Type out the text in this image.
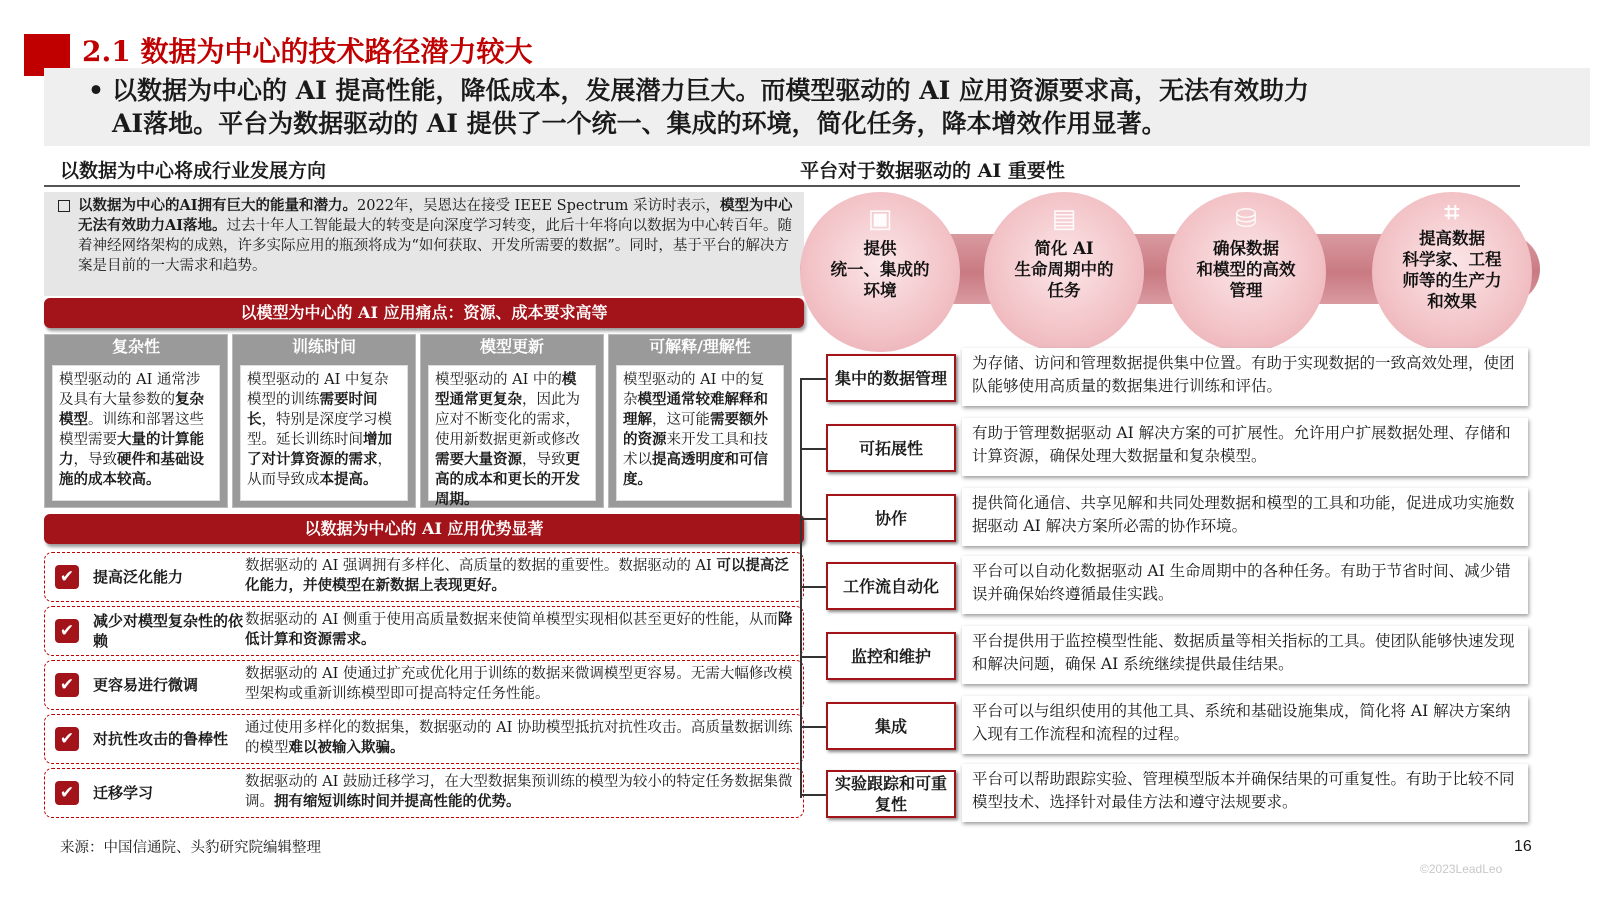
2.1 数据为中心的技术路径潜力较大
• 以数据为中心的 AI 提高性能，降低成本，发展潜力巨大。而模型驱动的 AI 应用资源要求高，无法有效助力

AI落地。平台为数据驱动的 AI 提供了一个统一、集成的环境，简化任务，降本增效作用显著。

以数据为中心将成行业发展方向
以数据为中心的AI拥有巨大的能量和潜力。2022年，吴恩达在接受 IEEE Spectrum 采访时表示，模型为中心无法有效助力AI落地。过去十年人工智能最大的转变是向深度学习转变，此后十年将向以数据为中心转百年。随着神经网络架构的成熟，许多实际应用的瓶颈将成为“如何获取、开发所需要的数据”。同时，基于平台的解决方案是目前的一大需求和趋势。
以模型为中心的 AI 应用痛点：资源、成本要求高等
复杂性
模型驱动的 AI 通常涉及具有大量参数的复杂模型。训练和部署这些模型需要大量的计算能力，导致硬件和基础设施的成本较高。
训练时间
模型驱动的 AI 中复杂模型的训练需要时间长，特别是深度学习模型。延长训练时间增加了对计算资源的需求，从而导致成本提高。
模型更新
模型驱动的 AI 中的模型通常更复杂，因此为应对不断变化的需求，使用新数据更新或修改需要大量资源，导致更高的成本和更长的开发周期。
可解释/理解性
模型驱动的 AI 中的复杂模型通常较难解释和理解，这可能需要额外的资源来开发工具和技术以提高透明度和可信度。
以数据为中心的 AI 应用优势显著
✔	提高泛化能力
数据驱动的 AI 强调拥有多样化、高质量的数据的重要性。数据驱动的 AI 可以提高泛化能力，并使模型在新数据上表现更好。
✔	减少对模型复杂性的依赖
数据驱动的 AI 侧重于使用高质量数据来使简单模型实现相似甚至更好的性能，从而降低计算和资源需求。
✔	更容易进行微调
数据驱动的 AI 使通过扩充或优化用于训练的数据来微调模型更容易。无需大幅修改模型架构或重新训练模型即可提高特定任务性能。
✔	对抗性攻击的鲁棒性
通过使用多样化的数据集，数据驱动的 AI 协助模型抵抗对抗性攻击。高质量数据训练的模型难以被输入欺骗。
✔	迁移学习
数据驱动的 AI 鼓励迁移学习，在大型数据集预训练的模型为较小的特定任务数据集微调。拥有缩短训练时间并提高性能的优势。
平台对于数据驱动的 AI 重要性
▣
提供
统一、集成的
环境
▤
简化 AI
生命周期中的
任务
⛁
确保数据
和模型的高效
管理
⌗
提高数据
科学家、工程
师等的生产力
和效果
集中的数据管理
为存储、访问和管理数据提供集中位置。有助于实现数据的一致高效处理，使团队能够使用高质量的数据集进行训练和评估。
可拓展性
有助于管理数据驱动 AI 解决方案的可扩展性。允许用户扩展数据处理、存储和计算资源，确保处理大数据量和复杂模型。
协作
提供简化通信、共享见解和共同处理数据和模型的工具和功能，促进成功实施数据驱动 AI 解决方案所必需的协作环境。
工作流自动化
平台可以自动化数据驱动 AI 生命周期中的各种任务。有助于节省时间、减少错误并确保始终遵循最佳实践。
监控和维护
平台提供用于监控模型性能、数据质量等相关指标的工具。使团队能够快速发现和解决问题，确保 AI 系统继续提供最佳结果。
集成
平台可以与组织使用的其他工具、系统和基础设施集成，简化将 AI 解决方案纳入现有工作流程和流程的过程。
实验跟踪和可重复性
平台可以帮助跟踪实验、管理模型版本并确保结果的可重复性。有助于比较不同模型技术、选择针对最佳方法和遵守法规要求。
来源：中国信通院、头豹研究院编辑整理	16
©2023LeadLeo
